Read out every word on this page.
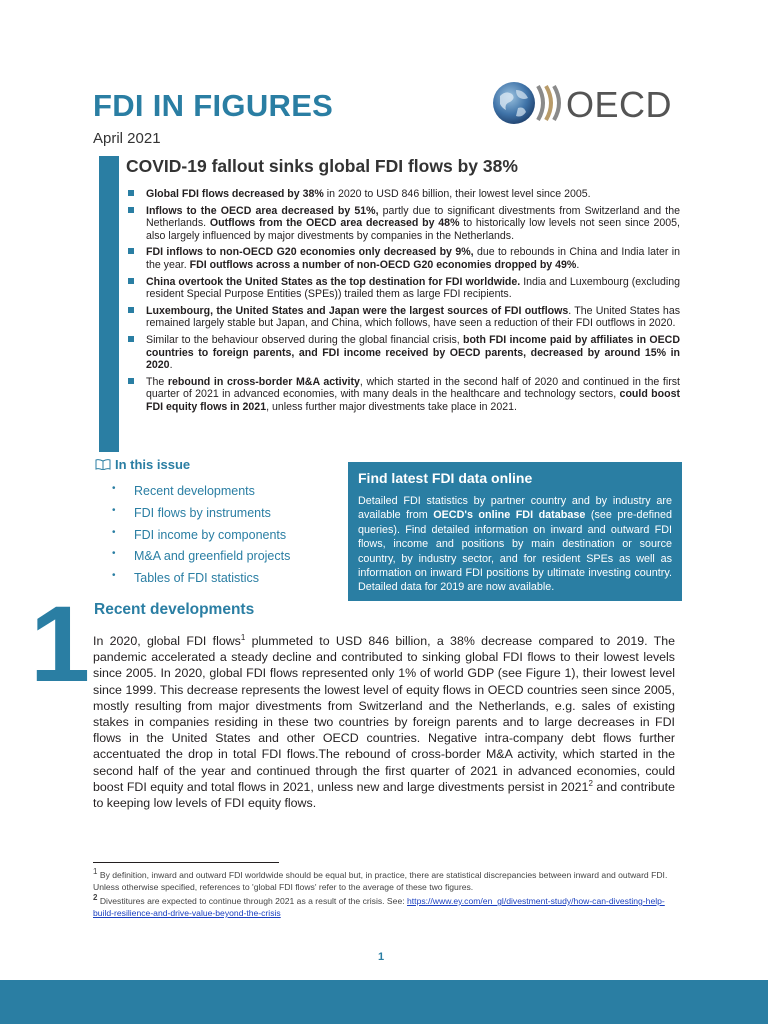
FDI IN FIGURES
April 2021
OECD
COVID-19 fallout sinks global FDI flows by 38%
Global FDI flows decreased by 38% in 2020 to USD 846 billion, their lowest level since 2005.
Inflows to the OECD area decreased by 51%, partly due to significant divestments from Switzerland and the Netherlands. Outflows from the OECD area decreased by 48% to historically low levels not seen since 2005, also largely influenced by major divestments by companies in the Netherlands.
FDI inflows to non-OECD G20 economies only decreased by 9%, due to rebounds in China and India later in the year. FDI outflows across a number of non-OECD G20 economies dropped by 49%.
China overtook the United States as the top destination for FDI worldwide. India and Luxembourg (excluding resident Special Purpose Entities (SPEs)) trailed them as large FDI recipients.
Luxembourg, the United States and Japan were the largest sources of FDI outflows. The United States has remained largely stable but Japan, and China, which follows, have seen a reduction of their FDI outflows in 2020.
Similar to the behaviour observed during the global financial crisis, both FDI income paid by affiliates in OECD countries to foreign parents, and FDI income received by OECD parents, decreased by around 15% in 2020.
The rebound in cross-border M&A activity, which started in the second half of 2020 and continued in the first quarter of 2021 in advanced economies, with many deals in the healthcare and technology sectors, could boost FDI equity flows in 2021, unless further major divestments take place in 2021.
In this issue
• Recent developments
• FDI flows by instruments
• FDI income by components
• M&A and greenfield projects
• Tables of FDI statistics
Find latest FDI data online
Detailed FDI statistics by partner country and by industry are available from OECD's online FDI database (see pre-defined queries). Find detailed information on inward and outward FDI flows, income and positions by main destination or source country, by industry sector, and for resident SPEs as well as information on inward FDI positions by ultimate investing country. Detailed data for 2019 are now available.
1 Recent developments

In 2020, global FDI flows$^1$ plummeted to USD 846 billion, a 38% decrease compared to 2019. The pandemic accelerated a steady decline and contributed to sinking global FDI flows to their lowest levels since 2005. In 2020, global FDI flows represented only 1% of world GDP (see Figure 1), their lowest level since 1999. This decrease represents the lowest level of equity flows in OECD countries seen since 2005, mostly resulting from major divestments from Switzerland and the Netherlands, e.g. sales of existing stakes in companies residing in these two countries by foreign parents and to large decreases in FDI flows in the United States and other OECD countries. Negative intra-company debt flows further accentuated the drop in total FDI flows.The rebound of cross-border M&A activity, which started in the second half of the year and continued through the first quarter of 2021 in advanced economies, could boost FDI equity and total flows in 2021, unless new and large divestments persist in 2021$^2$ and contribute to keeping low levels of FDI equity flows.

$^1$ By definition, inward and outward FDI worldwide should be equal but, in practice, there are statistical discrepancies between inward and outward FDI. Unless otherwise specified, references to 'global FDI flows' refer to the average of these two figures.

$^2$ Divestitures are expected to continue through 2021 as a result of the crisis. See: https://www.ey.com/en_gl/divestment-study/how-can-divesting-help-build-resilience-and-drive-value-beyond-the-crisis

1
